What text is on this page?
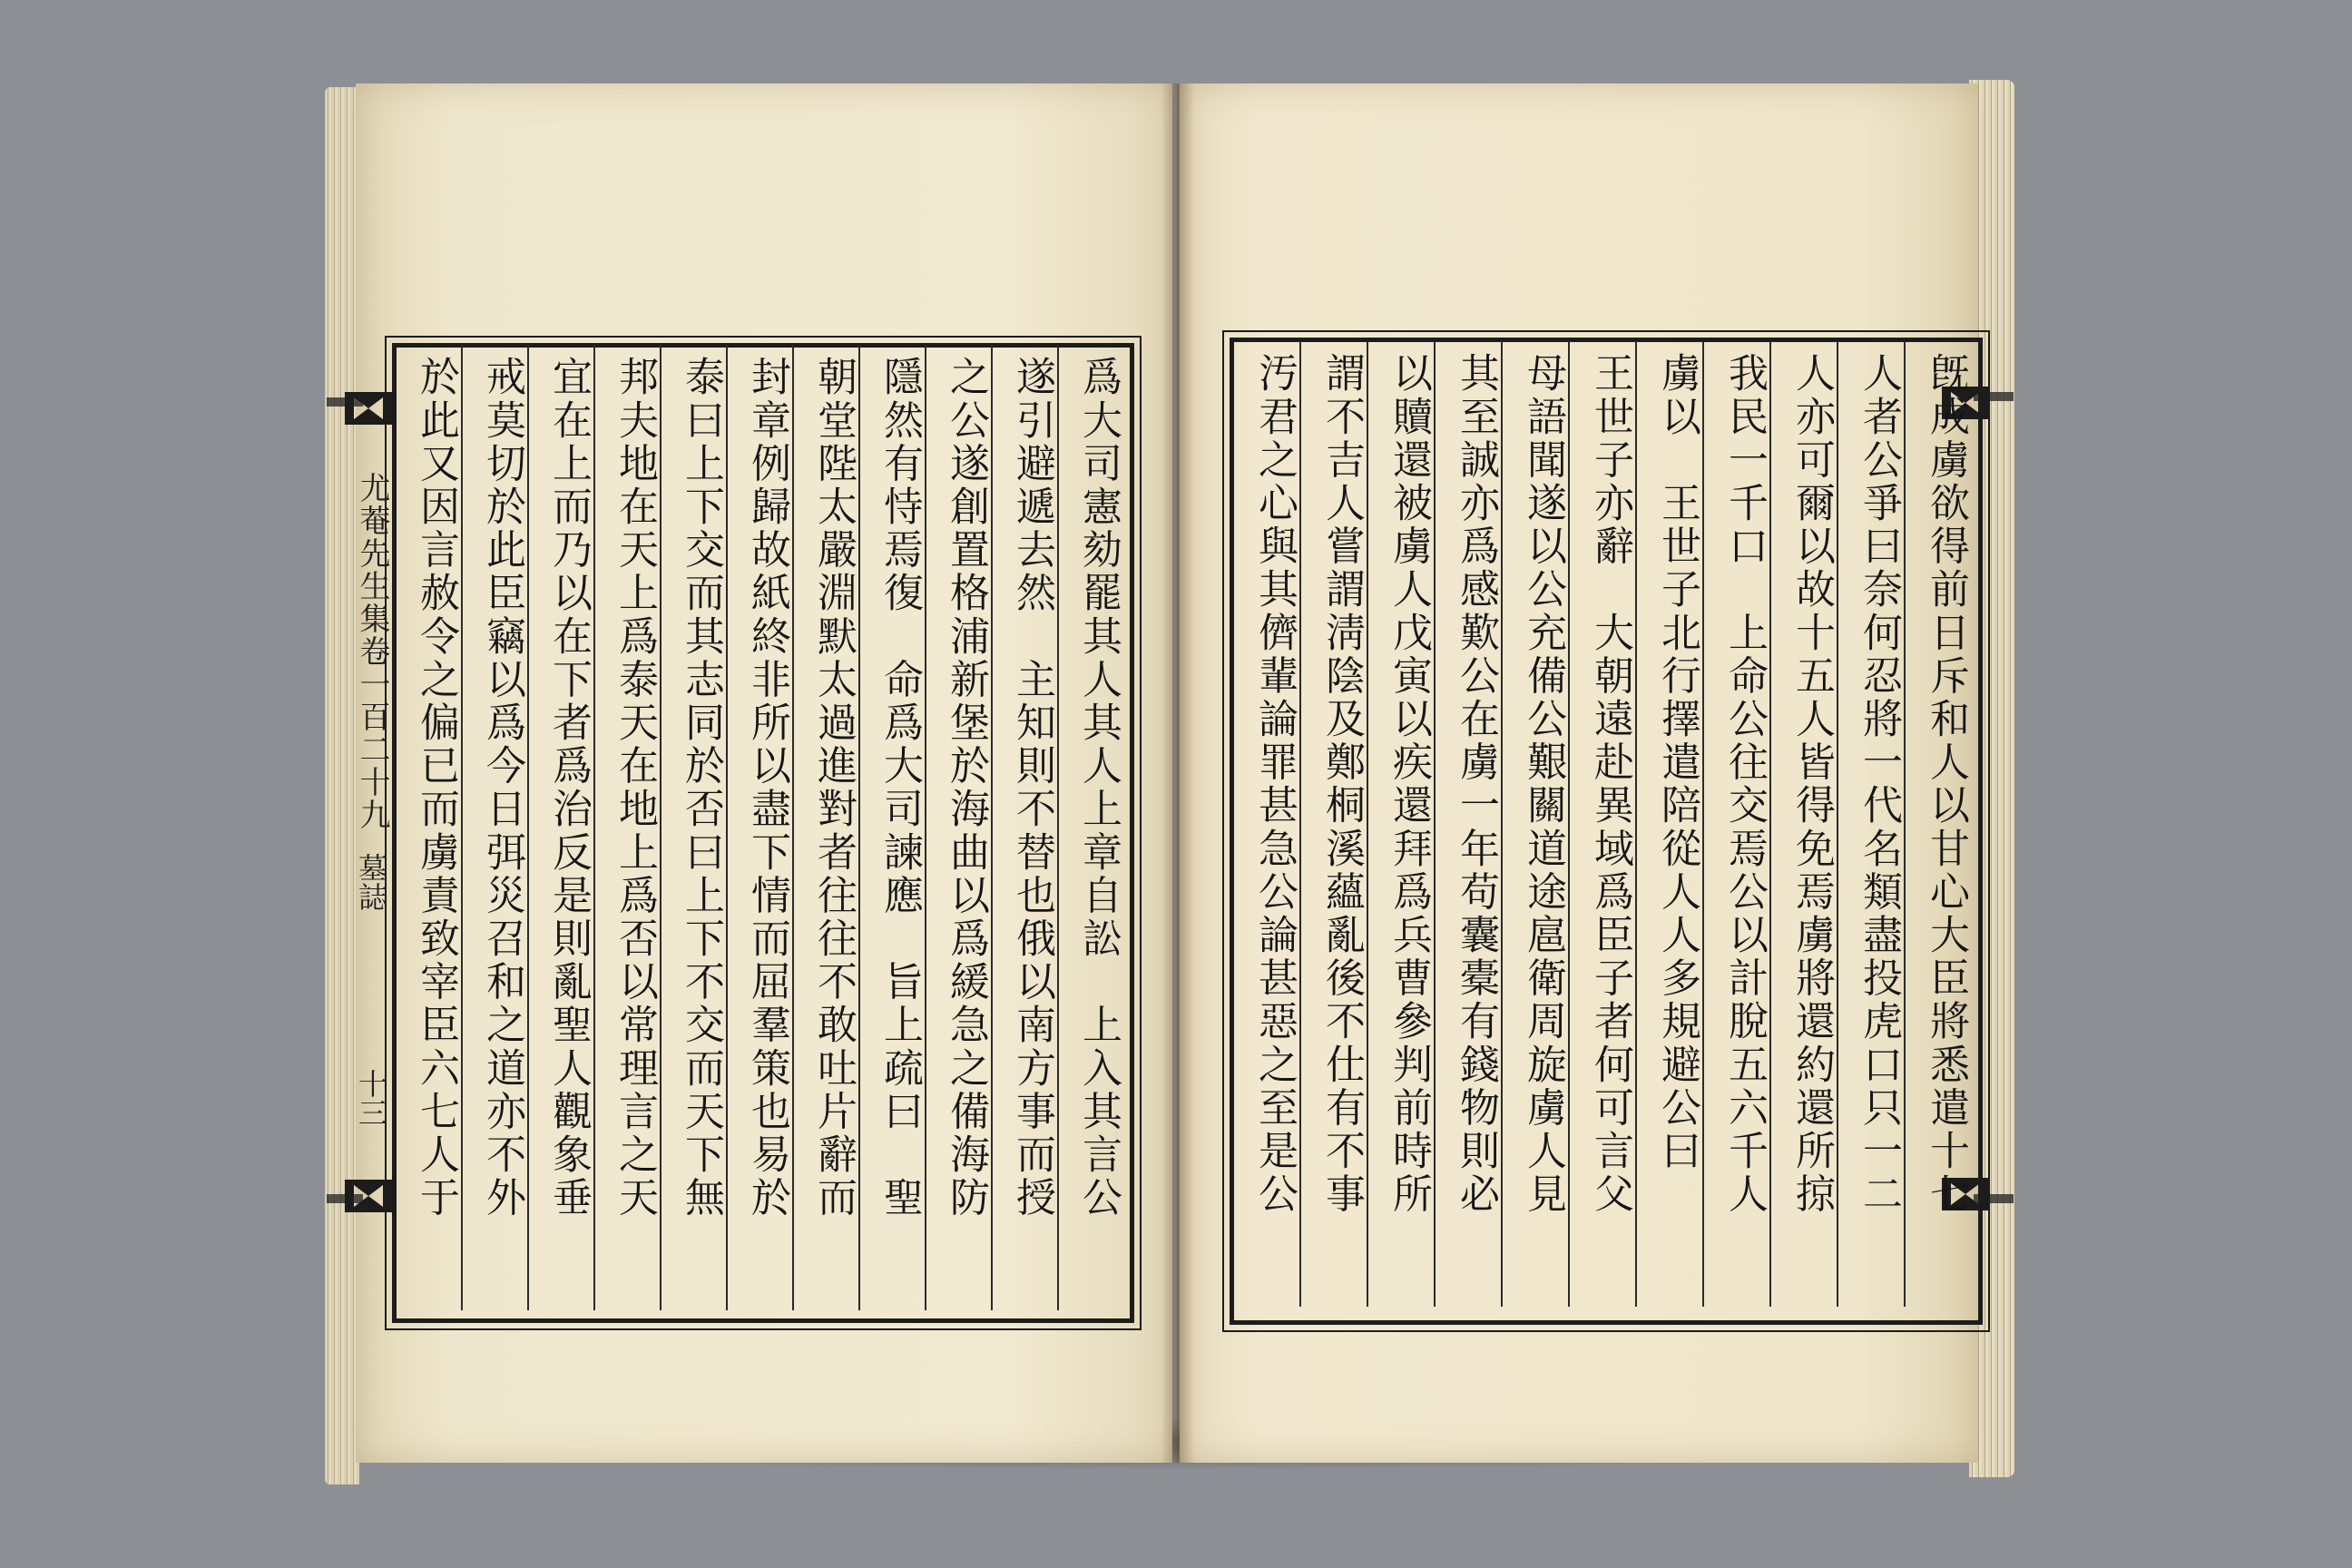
尤菴先生集卷一百二十九
墓誌
十三	爲大司憲劾罷其人其人上章自訟　上入其言公
遂引避遞去然　主知則不替也俄以南方事而授
之公遂創置格浦新堡於海曲以爲緩急之備海防
隱然有恃焉復　命爲大司諫應　旨上疏曰　聖
朝堂陛太嚴淵默太過進對者往往不敢吐片辭而
封章例歸故紙終非所以盡下情而屈羣策也易於
泰曰上下交而其志同於否曰上下不交而天下無
邦夫地在天上爲泰天在地上爲否以常理言之天
宜在上而乃以在下者爲治反是則亂聖人觀象垂
戒莫切於此臣竊以爲今日弭災召和之道亦不外
於此又因言赦令之偏已而虜責致宰臣六七人于	旣成虜欲得前日斥和人以甘心大臣將悉遣十七
人者公爭曰奈何忍將一代名類盡投虎口只一二
人亦可爾以故十五人皆得免焉虜將還約還所掠
我民一千口　上命公往交焉公以計脫五六千人
虜以　王世子北行擇遣陪從人人多規避公曰
王世子亦辭　大朝遠赴異域爲臣子者何可言父
母語聞遂以公充備公艱關道途扈衛周旋虜人見
其至誠亦爲感歎公在虜一年苟囊橐有錢物則必
以贖還被虜人戊寅以疾還拜爲兵曹參判前時所
謂不吉人嘗謂淸陰及鄭桐溪蘊亂後不仕有不事
汚君之心與其儕輩論罪甚急公論甚惡之至是公
